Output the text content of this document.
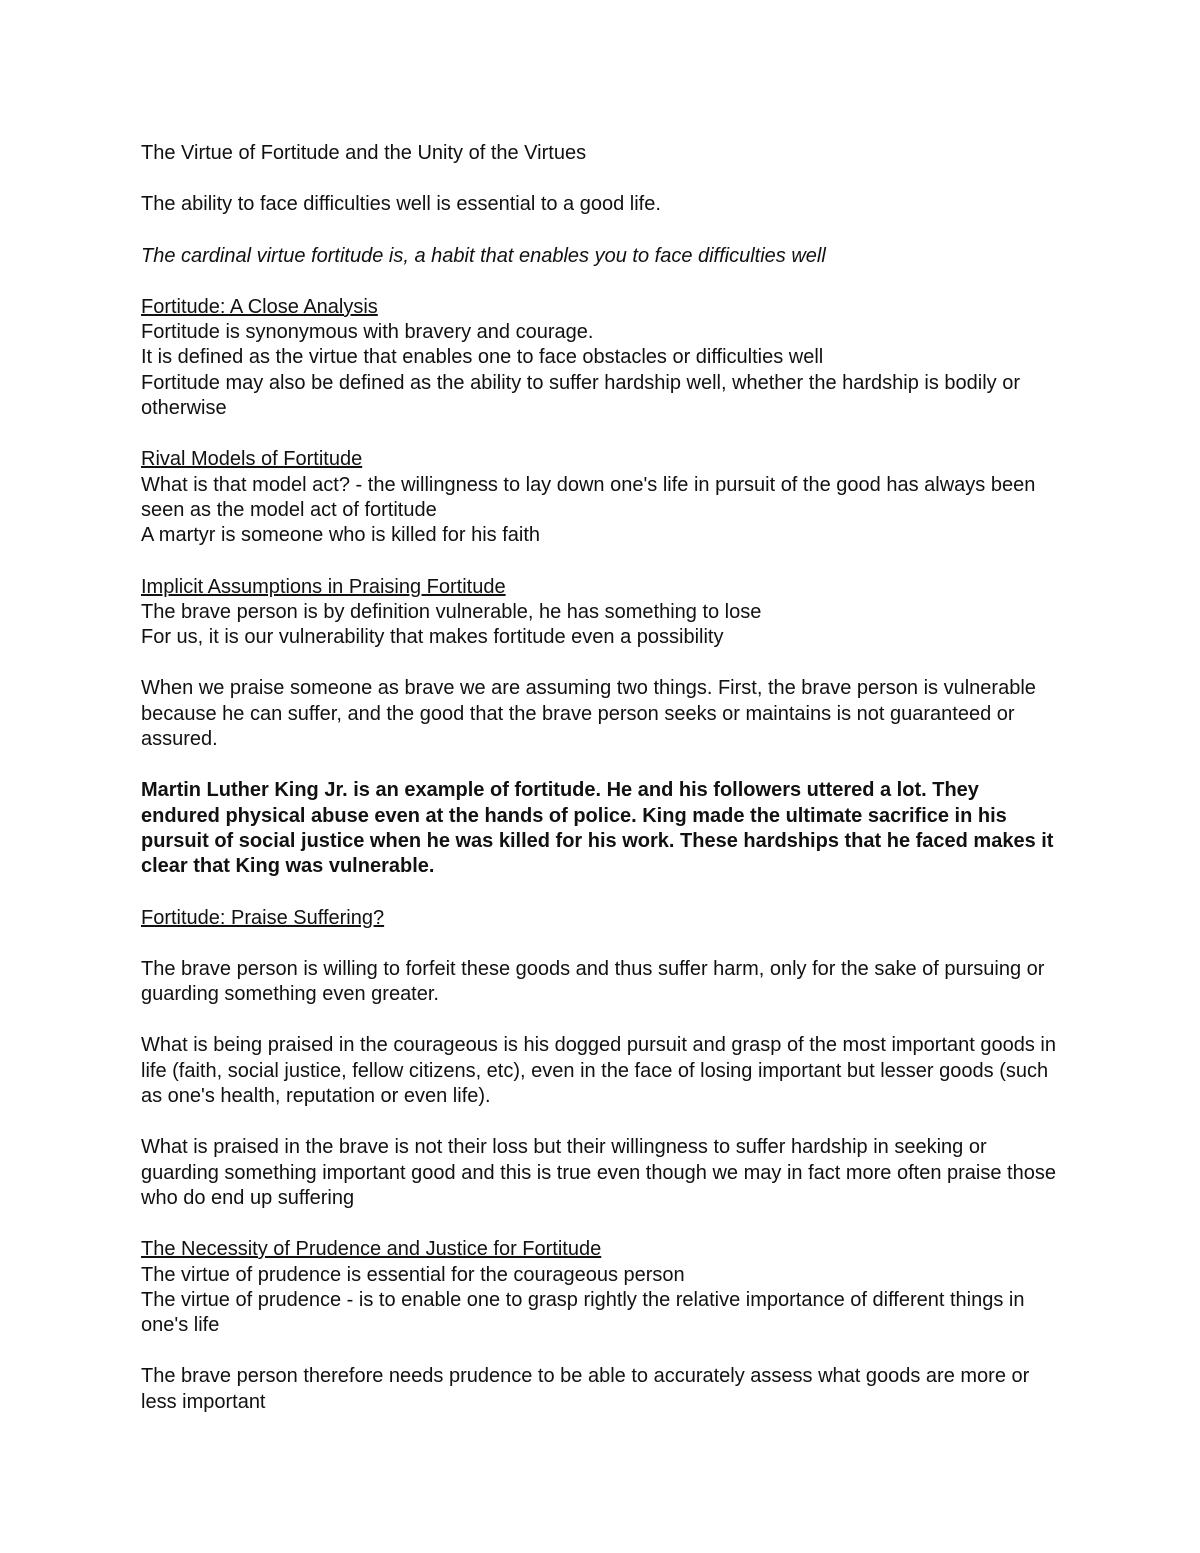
The Virtue of Fortitude and the Unity of the Virtues

The ability to face difficulties well is essential to a good life.

The cardinal virtue fortitude is, a habit that enables you to face difficulties well

Fortitude: A Close Analysis

Fortitude is synonymous with bravery and courage.

It is defined as the virtue that enables one to face obstacles or difficulties well

Fortitude may also be defined as the ability to suffer hardship well, whether the hardship is bodily or otherwise

Rival Models of Fortitude

What is that model act? - the willingness to lay down one's life in pursuit of the good has always been seen as the model act of fortitude

A martyr is someone who is killed for his faith

Implicit Assumptions in Praising Fortitude

The brave person is by definition vulnerable, he has something to lose

For us, it is our vulnerability that makes fortitude even a possibility

When we praise someone as brave we are assuming two things. First, the brave person is vulnerable because he can suffer, and the good that the brave person seeks or maintains is not guaranteed or assured.

Martin Luther King Jr. is an example of fortitude. He and his followers uttered a lot. They endured physical abuse even at the hands of police. King made the ultimate sacrifice in his pursuit of social justice when he was killed for his work. These hardships that he faced makes it clear that King was vulnerable.

Fortitude: Praise Suffering?

The brave person is willing to forfeit these goods and thus suffer harm, only for the sake of pursuing or guarding something even greater.

What is being praised in the courageous is his dogged pursuit and grasp of the most important goods in life (faith, social justice, fellow citizens, etc), even in the face of losing important but lesser goods (such as one's health, reputation or even life).

What is praised in the brave is not their loss but their willingness to suffer hardship in seeking or guarding something important good and this is true even though we may in fact more often praise those who do end up suffering

The Necessity of Prudence and Justice for Fortitude

The virtue of prudence is essential for the courageous person

The virtue of prudence - is to enable one to grasp rightly the relative importance of different things in one's life

The brave person therefore needs prudence to be able to accurately assess what goods are more or less important
